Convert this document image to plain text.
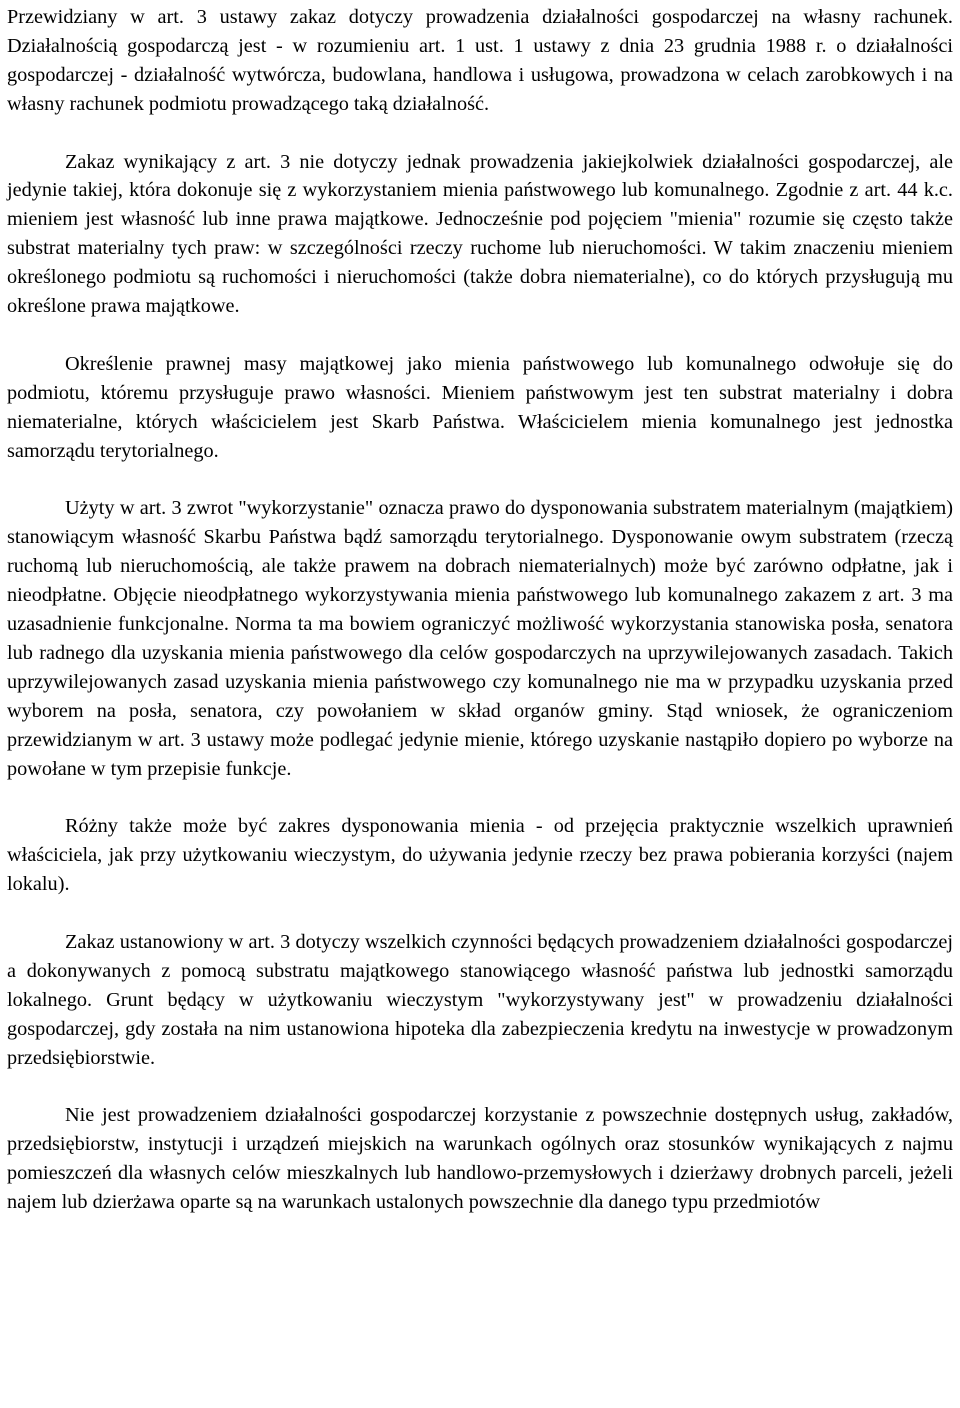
Przewidziany w art. 3 ustawy zakaz dotyczy prowadzenia działalności gospodarczej na własny rachunek. Działalnością gospodarczą jest - w rozumieniu art. 1 ust. 1 ustawy z dnia 23 grudnia 1988 r. o działalności gospodarczej - działalność wytwórcza, budowlana, handlowa i usługowa, prowadzona w celach zarobkowych i na własny rachunek podmiotu prowadzącego taką działalność.

Zakaz wynikający z art. 3 nie dotyczy jednak prowadzenia jakiejkolwiek działalności gospodarczej, ale jedynie takiej, która dokonuje się z wykorzystaniem mienia państwowego lub komunalnego. Zgodnie z art. 44 k.c. mieniem jest własność lub inne prawa majątkowe. Jednocześnie pod pojęciem "mienia" rozumie się często także substrat materialny tych praw: w szczególności rzeczy ruchome lub nieruchomości. W takim znaczeniu mieniem określonego podmiotu są ruchomości i nieruchomości (także dobra niematerialne), co do których przysługują mu określone prawa majątkowe.

Określenie prawnej masy majątkowej jako mienia państwowego lub komunalnego odwołuje się do podmiotu, któremu przysługuje prawo własności. Mieniem państwowym jest ten substrat materialny i dobra niematerialne, których właścicielem jest Skarb Państwa. Właścicielem mienia komunalnego jest jednostka samorządu terytorialnego.

Użyty w art. 3 zwrot "wykorzystanie" oznacza prawo do dysponowania substratem materialnym (majątkiem) stanowiącym własność Skarbu Państwa bądź samorządu terytorialnego. Dysponowanie owym substratem (rzeczą ruchomą lub nieruchomością, ale także prawem na dobrach niematerialnych) może być zarówno odpłatne, jak i nieodpłatne. Objęcie nieodpłatnego wykorzystywania mienia państwowego lub komunalnego zakazem z art. 3 ma uzasadnienie funkcjonalne. Norma ta ma bowiem ograniczyć możliwość wykorzystania stanowiska posła, senatora lub radnego dla uzyskania mienia państwowego dla celów gospodarczych na uprzywilejowanych zasadach. Takich uprzywilejowanych zasad uzyskania mienia państwowego czy komunalnego nie ma w przypadku uzyskania przed wyborem na posła, senatora, czy powołaniem w skład organów gminy. Stąd wniosek, że ograniczeniom przewidzianym w art. 3 ustawy może podlegać jedynie mienie, którego uzyskanie nastąpiło dopiero po wyborze na powołane w tym przepisie funkcje.

Różny także może być zakres dysponowania mienia - od przejęcia praktycznie wszelkich uprawnień właściciela, jak przy użytkowaniu wieczystym, do używania jedynie rzeczy bez prawa pobierania korzyści (najem lokalu).

Zakaz ustanowiony w art. 3 dotyczy wszelkich czynności będących prowadzeniem działalności gospodarczej a dokonywanych z pomocą substratu majątkowego stanowiącego własność państwa lub jednostki samorządu lokalnego. Grunt będący w użytkowaniu wieczystym "wykorzystywany jest" w prowadzeniu działalności gospodarczej, gdy została na nim ustanowiona hipoteka dla zabezpieczenia kredytu na inwestycje w prowadzonym przedsiębiorstwie.

Nie jest prowadzeniem działalności gospodarczej korzystanie z powszechnie dostępnych usług, zakładów, przedsiębiorstw, instytucji i urządzeń miejskich na warunkach ogólnych oraz stosunków wynikających z najmu pomieszczeń dla własnych celów mieszkalnych lub handlowo-przemysłowych i dzierżawy drobnych parceli, jeżeli najem lub dzierżawa oparte są na warunkach ustalonych powszechnie dla danego typu przedmiotów
